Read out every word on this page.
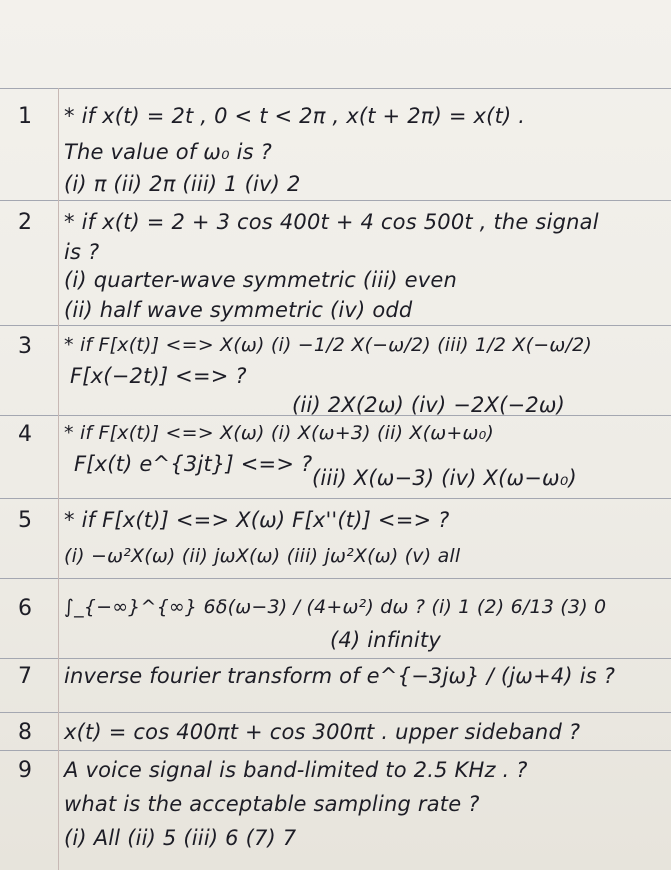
1	* if x(t) = 2t , 0 < t < 2π , x(t + 2π) = x(t) .
The value of ω₀ is ?
(i) π (ii) 2π (iii) 1 (iv) 2
2	* if x(t) = 2 + 3 cos 400t + 4 cos 500t , the signal
is ?
(i) quarter-wave symmetric (iii) even
(ii) half wave symmetric (iv) odd
3	* if F[x(t)] <=> X(ω) (i) −1/2 X(−ω/2) (iii) 1/2 X(−ω/2)
F[x(−2t)] <=> ?
(ii) 2X(2ω) (iv) −2X(−2ω)
4	* if F[x(t)] <=> X(ω) (i) X(ω+3) (ii) X(ω+ω₀)
F[x(t) e^{3jt}] <=> ?
(iii) X(ω−3) (iv) X(ω−ω₀)
5	* if F[x(t)] <=> X(ω) F[x''(t)] <=> ?
(i) −ω²X(ω) (ii) jωX(ω) (iii) jω²X(ω) (v) all
6	∫_{−∞}^{∞} 6δ(ω−3) / (4+ω²) dω ? (i) 1 (2) 6/13 (3) 0
(4) infinity
7	inverse fourier transform of e^{−3jω} / (jω+4) is ?
8	x(t) = cos 400πt + cos 300πt . upper sideband ?
9	A voice signal is band-limited to 2.5 KHz . ?
what is the acceptable sampling rate ?
(i) All (ii) 5 (iii) 6 (7) 7
